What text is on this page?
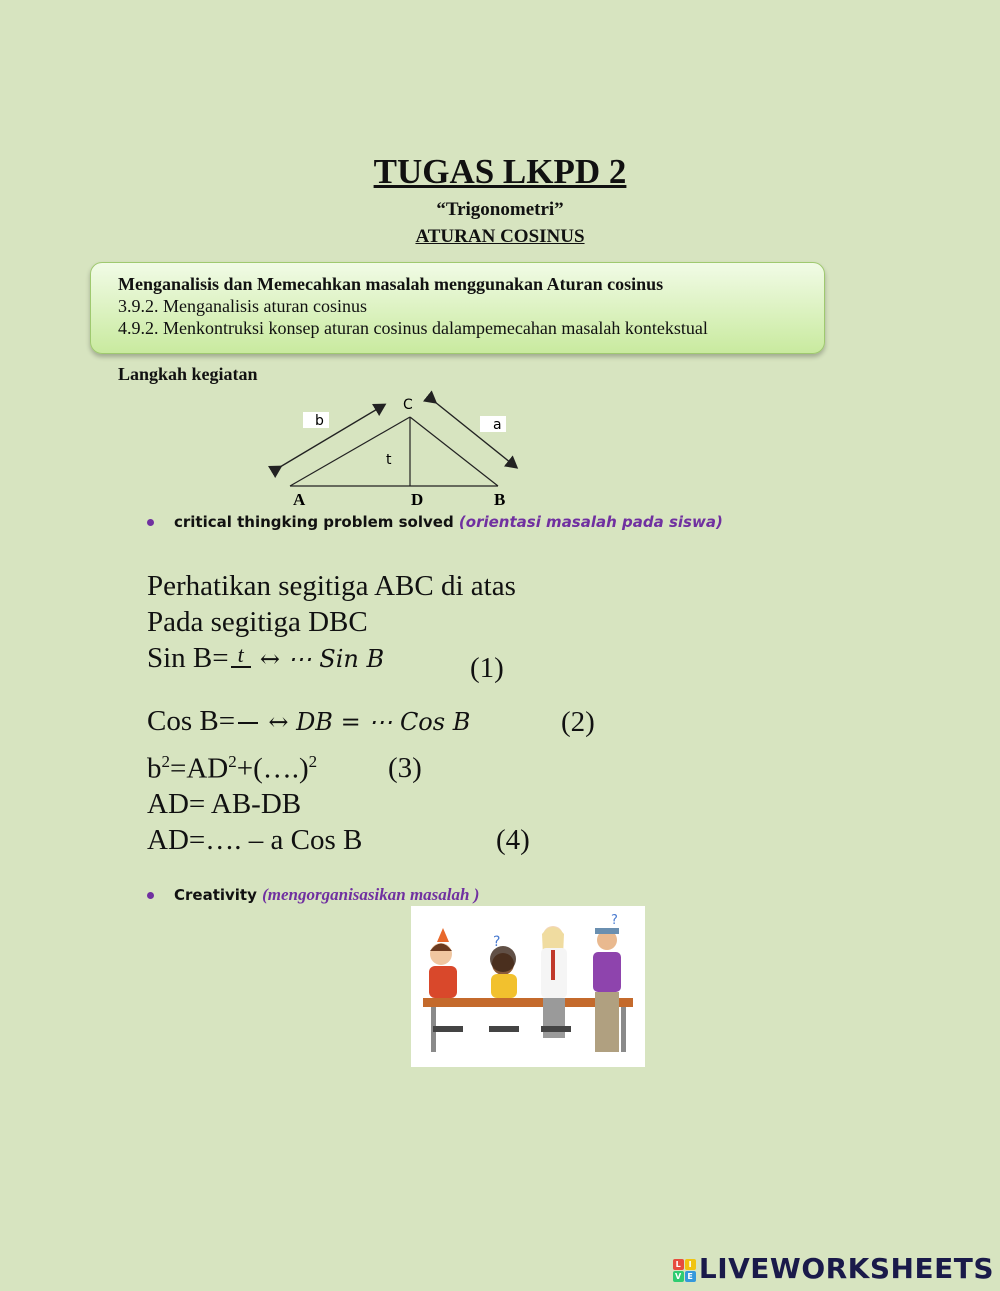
TUGAS LKPD 2
“Trigonometri”
ATURAN COSINUS
Menganalisis dan Memecahkan masalah menggunakan Aturan cosinus
3.9.2. Menganalisis aturan cosinus
4.9.2. Menkontruksi konsep aturan cosinus dalampemecahan masalah kontekstual
Langkah kegiatan
C
b	a
t
A	D	B
critical thingking problem solved (orientasi masalah pada siswa)
Perhatikan segitiga ABC di atas
Pada segitiga DBC
Sin B= t ↔ ⋯ Sin B	(1)
Cos B= ↔ DB = ⋯ Cos B	(2)
$b^2=AD^2+(\dots.)^2$ (3)
AD= AB-DB
AD=…. – a Cos B	(4)
Creativity (mengorganisasikan masalah )
?
?
L I
V E LIVEWORKSHEETS
